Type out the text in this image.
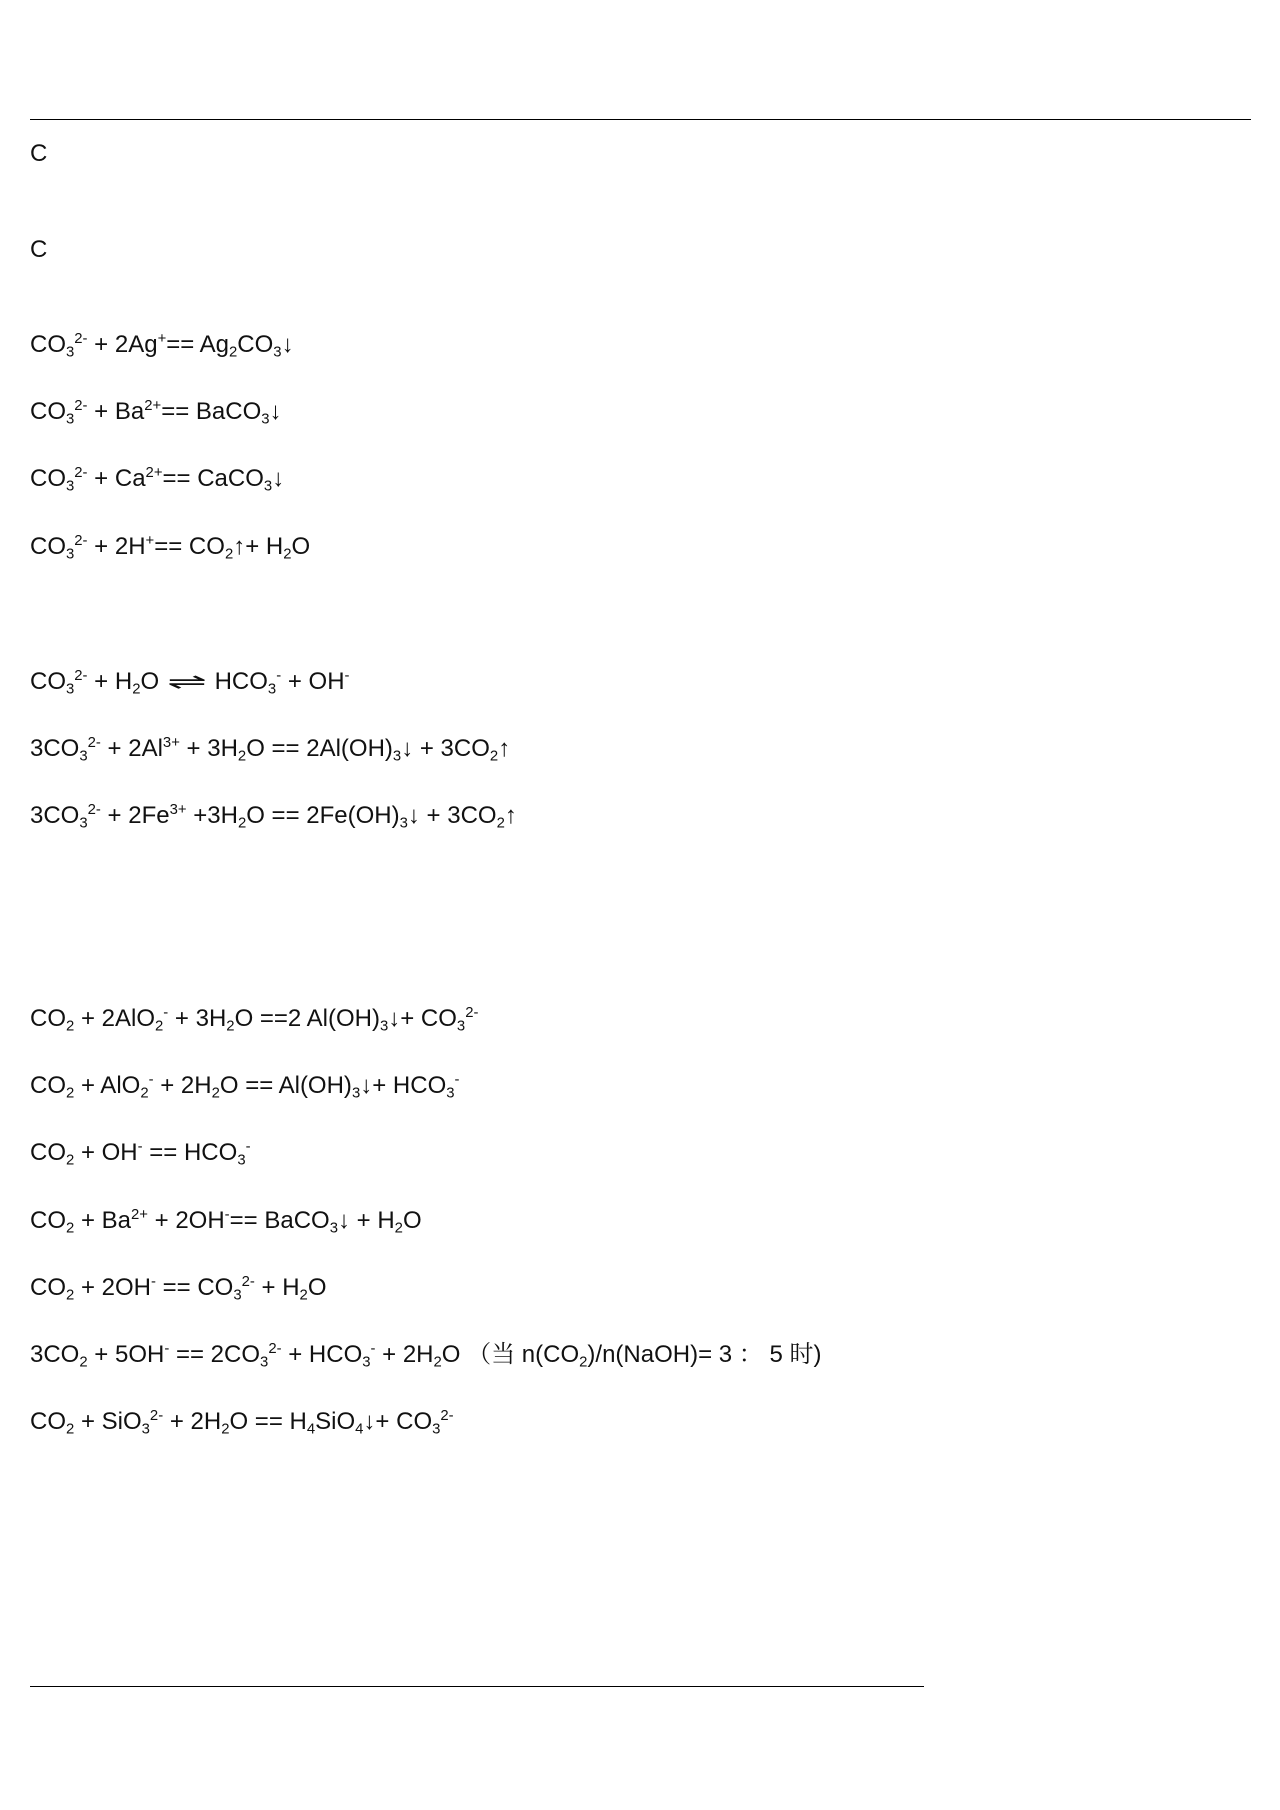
C
C
$CO_3^{2-} + 2Ag^+==$ $Ag_2CO_3↓$
$CO_3^{2-} + Ba^{2+}==$ BaCO$_3$↓
$CO_3^{2-} + Ca^{2+}==$ CaCO$_3$↓
$CO_3^{2-} + 2H^+==$ $CO_2↑+ H_2O$
$CO_3^{2-} + H_2O$ ⇌ $HCO_3^- + OH^-$
$3CO_3^{2-} + 2Al^{3+} + 3H_2O$ == $2Al(OH)_3↓$ + $3CO_2↑$
$3CO_3^{2-} + 2Fe^{3+} +3H_2O$ == $2Fe(OH)_3↓$ + $3CO_2↑$
$CO_2 + 2AlO_2^- + 3H_2O ==2$ $Al(OH)_3↓+ CO_3^{2-}$
$CO_2 + AlO_2^- + 2H_2O$ == $Al(OH)_3↓+ HCO_3^-$
$CO_2 + OH^- == HCO_3^-$
$CO_2 + Ba^{2+} + 2OH^-==$ BaCO$_3$↓ + $H_2O$
$CO_2 + 2OH^- == CO_3^{2-} + H_2O$
$3CO_2 + 5OH^- == 2CO_3^{2-} + HCO_3^- + 2H_2O$ （当 $n(CO_2)/n(NaOH)= 3$ ： 5 时)
$CO_2 + SiO_3^{2-} + 2H_2O$ == $H_4SiO_4↓+ CO_3^{2-}$
